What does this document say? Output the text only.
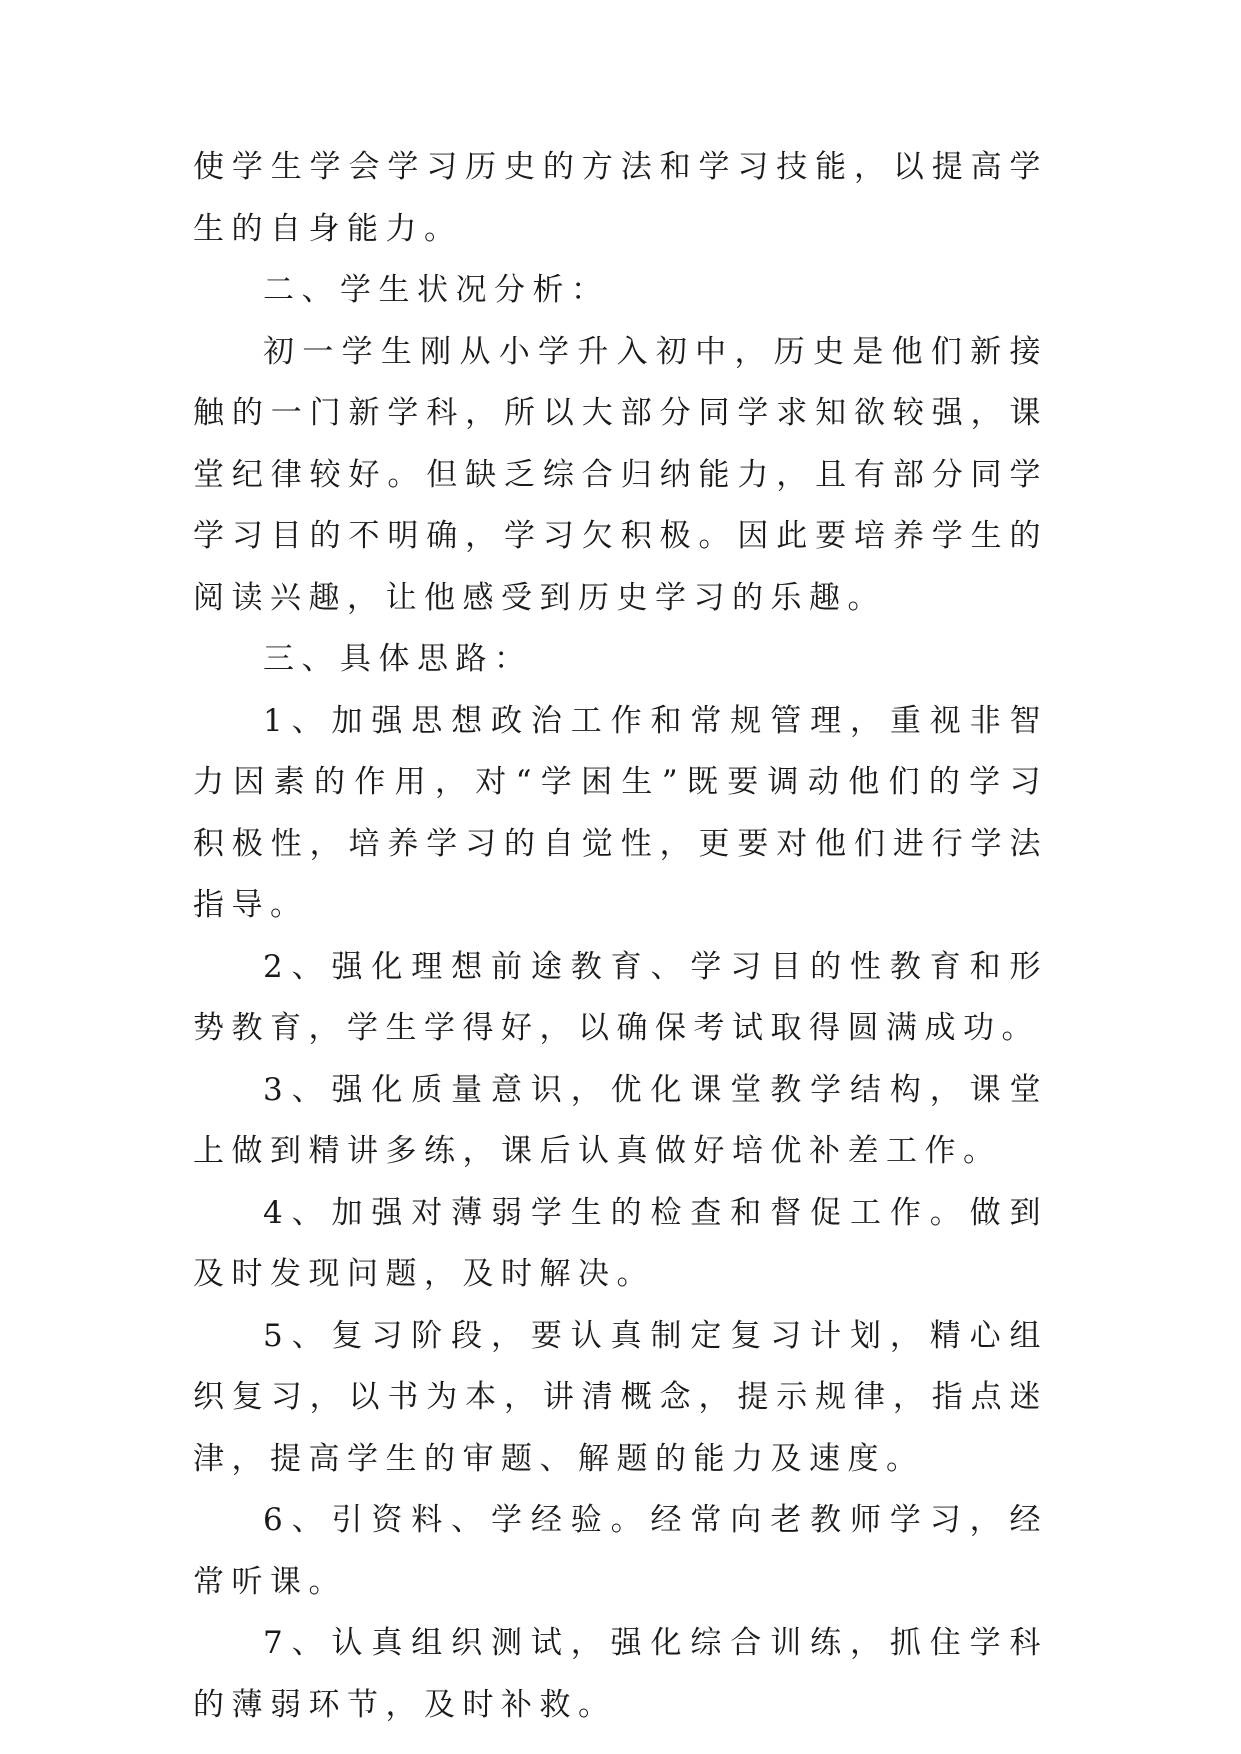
使学生学会学习历史的方法和学习技能，以提高学生的自身能力。

二、学生状况分析：

初一学生刚从小学升入初中，历史是他们新接触的一门新学科，所以大部分同学求知欲较强，课堂纪律较好。但缺乏综合归纳能力，且有部分同学学习目的不明确，学习欠积极。因此要培养学生的阅读兴趣，让他感受到历史学习的乐趣。

三、具体思路：

1、加强思想政治工作和常规管理，重视非智力因素的作用，对“学困生”既要调动他们的学习积极性，培养学习的自觉性，更要对他们进行学法指导。

2、强化理想前途教育、学习目的性教育和形势教育，学生学得好，以确保考试取得圆满成功。

3、强化质量意识，优化课堂教学结构，课堂上做到精讲多练，课后认真做好培优补差工作。

4、加强对薄弱学生的检查和督促工作。做到及时发现问题，及时解决。

5、复习阶段，要认真制定复习计划，精心组织复习，以书为本，讲清概念，提示规律，指点迷津，提高学生的审题、解题的能力及速度。

6、引资料、学经验。经常向老教师学习，经常听课。

7、认真组织测试，强化综合训练，抓住学科的薄弱环节，及时补救。
